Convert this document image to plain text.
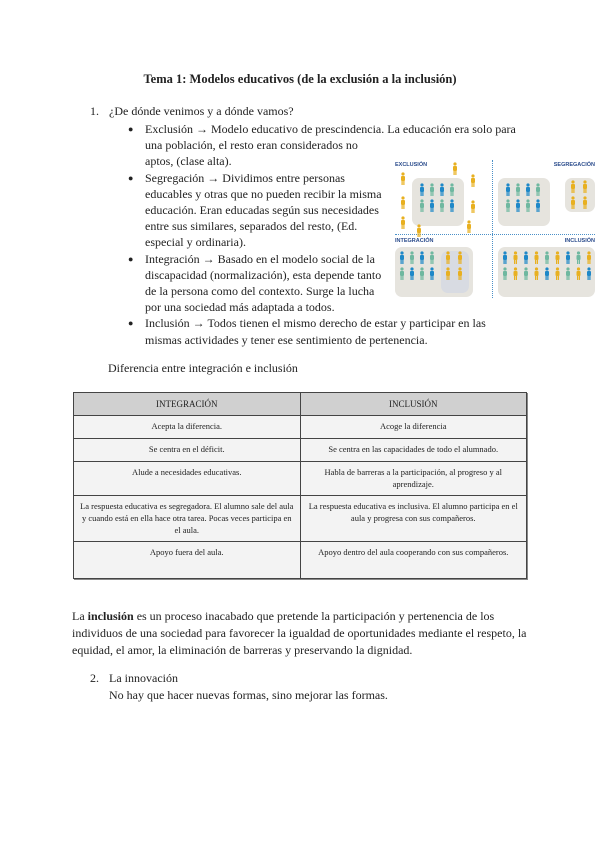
Tema 1: Modelos educativos (de la exclusión a la inclusión)
1. ¿De dónde venimos y a dónde vamos?
● Exclusión → Modelo educativo de prescindencia. La educación era solo para
una población, el resto eran considerados no
aptos, (clase alta).
● Segregación → Dividimos entre personas
educables y otras que no pueden recibir la misma
educación. Eran educadas según sus necesidades
entre sus similares, separados del resto, (Ed.
especial y ordinaria).
● Integración → Basado en el modelo social de la
discapacidad (normalización), esta depende tanto
de la persona como del contexto. Surge la lucha
por una sociedad más adaptada a todos.
● Inclusión → Todos tienen el mismo derecho de estar y participar en las
mismas actividades y tener ese sentimiento de pertenencia.
EXCLUSIÓN	SEGREGACIÓN
INTEGRACIÓN	INCLUSIÓN
Diferencia entre integración e inclusión
INTEGRACIÓN	INCLUSIÓN
Acepta la diferencia.	Acoge la diferencia
Se centra en el déficit.	Se centra en las capacidades de todo el alumnado.
Alude a necesidades educativas.	Habla de barreras a la participación, al progreso y al aprendizaje.
La respuesta educativa es segregadora. El alumno sale del aula y cuando está en ella hace otra tarea. Pocas veces participa en el aula.	La respuesta educativa es inclusiva. El alumno participa en el aula y progresa con sus compañeros.
Apoyo fuera del aula.	Apoyo dentro del aula cooperando con sus compañeros.
La inclusión es un proceso inacabado que pretende la participación y pertenencia de los individuos de una sociedad para favorecer la igualdad de oportunidades mediante el respeto, la equidad, el amor, la eliminación de barreras y preservando la dignidad.
2. La innovación
No hay que hacer nuevas formas, sino mejorar las formas.
